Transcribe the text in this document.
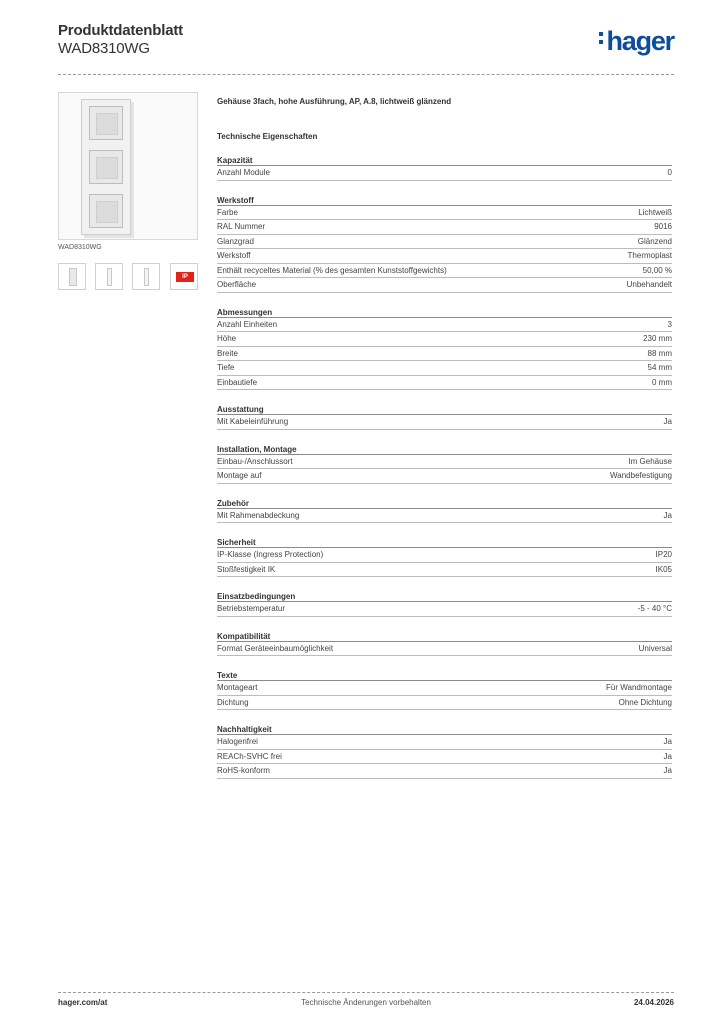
Produktdatenblatt
WAD8310WG	hager
WAD8310WG
IP
Gehäuse 3fach, hohe Ausführung, AP, A.8, lichtweiß glänzend
Technische Eigenschaften
Kapazität
Anzahl Module	0
Werkstoff
Farbe	Lichtweiß
RAL Nummer	9016
Glanzgrad	Glänzend
Werkstoff	Thermoplast
Enthält recyceltes Material (% des gesamten Kunststoffgewichts)	50,00 %
Oberfläche	Unbehandelt
Abmessungen
Anzahl Einheiten	3
Höhe	230 mm
Breite	88 mm
Tiefe	54 mm
Einbautiefe	0 mm
Ausstattung
Mit Kabeleinführung	Ja
Installation, Montage
Einbau-/Anschlussort	Im Gehäuse
Montage auf	Wandbefestigung
Zubehör
Mit Rahmenabdeckung	Ja
Sicherheit
IP-Klasse (Ingress Protection)	IP20
Stoßfestigkeit IK	IK05
Einsatzbedingungen
Betriebstemperatur	-5 - 40 °C
Kompatibilität
Format Geräteeinbaumöglichkeit	Universal
Texte
Montageart	Für Wandmontage
Dichtung	Ohne Dichtung
Nachhaltigkeit
Halogenfrei	Ja
REACh-SVHC frei	Ja
RoHS-konform	Ja
hager.com/at	Technische Änderungen vorbehalten	24.04.2026
